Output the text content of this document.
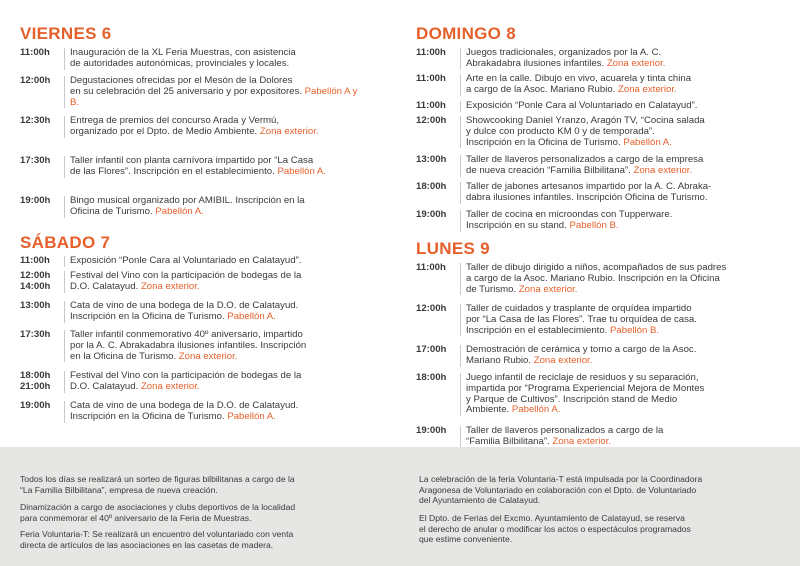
VIERNES 6
11:00h	Inauguración de la XL Feria Muestras, con asistencia
de autoridades autonómicas, provinciales y locales.
12:00h	Degustaciones ofrecidas por el Mesón de la Dolores
en su celebración del 25 aniversario y por expositores. Pabellón A y B.
12:30h	Entrega de premios del concurso Arada y Vermú,
organizado por el Dpto. de Medio Ambiente. Zona exterior.
17:30h	Taller infantil con planta carnívora impartido por “La Casa
de las Flores”. Inscripción en el establecimiento. Pabellón A.
19:00h	Bingo musical organizado por AMIBIL. Inscripción en la
Oficina de Turismo. Pabellón A.
SÁBADO 7
11:00h	Exposición “Ponle Cara al Voluntariado en Calatayud”.
12:00h
14:00h
Festival del Vino con la participación de bodegas de la
D.O. Calatayud. Zona exterior.
13:00h	Cata de vino de una bodega de la D.O. de Calatayud.
Inscripción en la Oficina de Turismo. Pabellón A.
17:30h	Taller infantil conmemorativo 40º aniversario, impartido
por la A. C. Abrakadabra ilusiones infantiles. Inscripción
en la Oficina de Turismo. Zona exterior.
18:00h
21:00h
Festival del Vino con la participación de bodegas de la
D.O. Calatayud. Zona exterior.
19:00h	Cata de vino de una bodega de la D.O. de Calatayud.
Inscripción en la Oficina de Turismo. Pabellón A.
DOMINGO 8
11:00h	Juegos tradicionales, organizados por la A. C.
Abrakadabra ilusiones infantiles. Zona exterior.
11:00h	Arte en la calle. Dibujo en vivo, acuarela y tinta china
a cargo de la Asoc. Mariano Rubio. Zona exterior.
11:00h	Exposición “Ponle Cara al Voluntariado en Calatayud”.
12:00h	Showcooking Daniel Yranzo, Aragón TV, “Cocina salada
y dulce con producto KM 0 y de temporada”.
Inscripción en la Oficina de Turismo. Pabellón A.
13:00h	Taller de llaveros personalizados a cargo de la empresa
de nueva creación “Familia Bilbilitana”. Zona exterior.
18:00h	Taller de jabones artesanos impartido por la A. C. Abraka-
dabra ilusiones infantiles. Inscripción Oficina de Turismo.
19:00h	Taller de cocina en microondas con Tupperware.
Inscripción en su stand. Pabellón B.
LUNES 9
11:00h	Taller de dibujo dirigido a niños, acompañados de sus padres
a cargo de la Asoc. Mariano Rubio. Inscripción en la Oficina
de Turismo. Zona exterior.
12:00h	Taller de cuidados y trasplante de orquídea impartido
por “La Casa de las Flores”. Trae tu orquídea de casa.
Inscripción en el establecimiento. Pabellón B.
17:00h	Demostración de cerámica y torno a cargo de la Asoc.
Mariano Rubio. Zona exterior.
18:00h	Juego infantil de reciclaje de residuos y su separación,
impartida por “Programa Experiencial Mejora de Montes
y Parque de Cultivos”. Inscripción stand de Medio
Ambiente. Pabellón A.
19:00h	Taller de llaveros personalizados a cargo de la
“Familia Bilbilitana”. Zona exterior.
Todos los días se realizará un sorteo de figuras bilbilitanas a cargo de la
“La Familia Bilbilitana”, empresa de nueva creación.
Dinamización a cargo de asociaciones y clubs deportivos de la localidad
para conmemorar el 40º aniversario de la Feria de Muestras.
Feria Voluntaria-T: Se realizará un encuentro del voluntariado con venta
directa de artículos de las asociaciones en las casetas de madera.
La celebración de la feria Voluntaria-T está impulsada por la Coordinadora
Aragonesa de Voluntariado en colaboración con el Dpto. de Voluntariado
del Ayuntamiento de Calatayud.
El Dpto. de Ferias del Excmo. Ayuntamiento de Calatayud, se reserva
el derecho de anular o modificar los actos o espectáculos programados
que estime conveniente.
